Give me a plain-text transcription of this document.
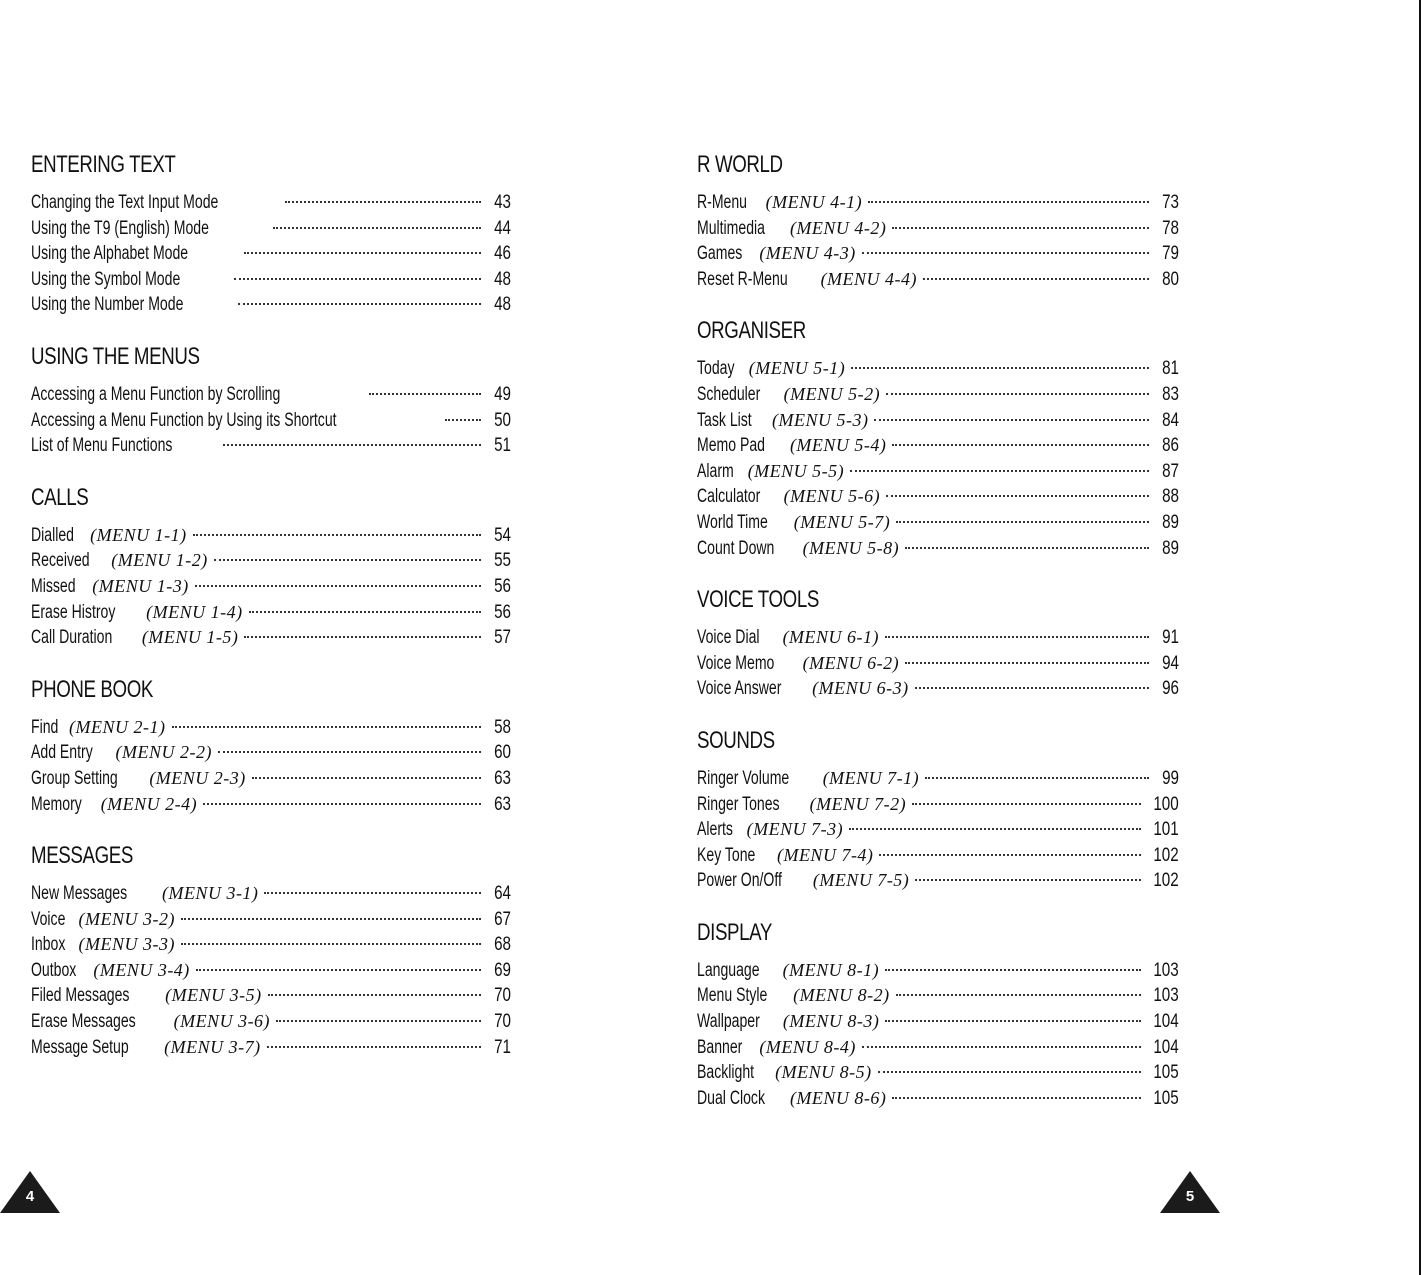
ENTERING TEXT
Changing the Text Input Mode	43
Using the T9 (English) Mode	44
Using the Alphabet Mode	46
Using the Symbol Mode	48
Using the Number Mode	48
USING THE MENUS
Accessing a Menu Function by Scrolling	49
Accessing a Menu Function by Using its Shortcut	50
List of Menu Functions	51
CALLS
Dialled (MENU 1-1)	54
Received (MENU 1-2)	55
Missed (MENU 1-3)	56
Erase Histroy (MENU 1-4)	56
Call Duration (MENU 1-5)	57
PHONE BOOK
Find (MENU 2-1)	58
Add Entry (MENU 2-2)	60
Group Setting (MENU 2-3)	63
Memory (MENU 2-4)	63
MESSAGES
New Messages (MENU 3-1)	64
Voice (MENU 3-2)	67
Inbox (MENU 3-3)	68
Outbox (MENU 3-4)	69
Filed Messages (MENU 3-5)	70
Erase Messages (MENU 3-6)	70
Message Setup (MENU 3-7)	71
R WORLD
R-Menu (MENU 4-1)	73
Multimedia (MENU 4-2)	78
Games (MENU 4-3)	79
Reset R-Menu (MENU 4-4)	80
ORGANISER
Today (MENU 5-1)	81
Scheduler (MENU 5-2)	83
Task List (MENU 5-3)	84
Memo Pad (MENU 5-4)	86
Alarm (MENU 5-5)	87
Calculator (MENU 5-6)	88
World Time (MENU 5-7)	89
Count Down (MENU 5-8)	89
VOICE TOOLS
Voice Dial (MENU 6-1)	91
Voice Memo (MENU 6-2)	94
Voice Answer (MENU 6-3)	96
SOUNDS
Ringer Volume (MENU 7-1)	99
Ringer Tones (MENU 7-2)	100
Alerts (MENU 7-3)	101
Key Tone (MENU 7-4)	102
Power On/Off (MENU 7-5)	102
DISPLAY
Language (MENU 8-1)	103
Menu Style (MENU 8-2)	103
Wallpaper (MENU 8-3)	104
Banner (MENU 8-4)	104
Backlight (MENU 8-5)	105
Dual Clock (MENU 8-6)	105
4	5
